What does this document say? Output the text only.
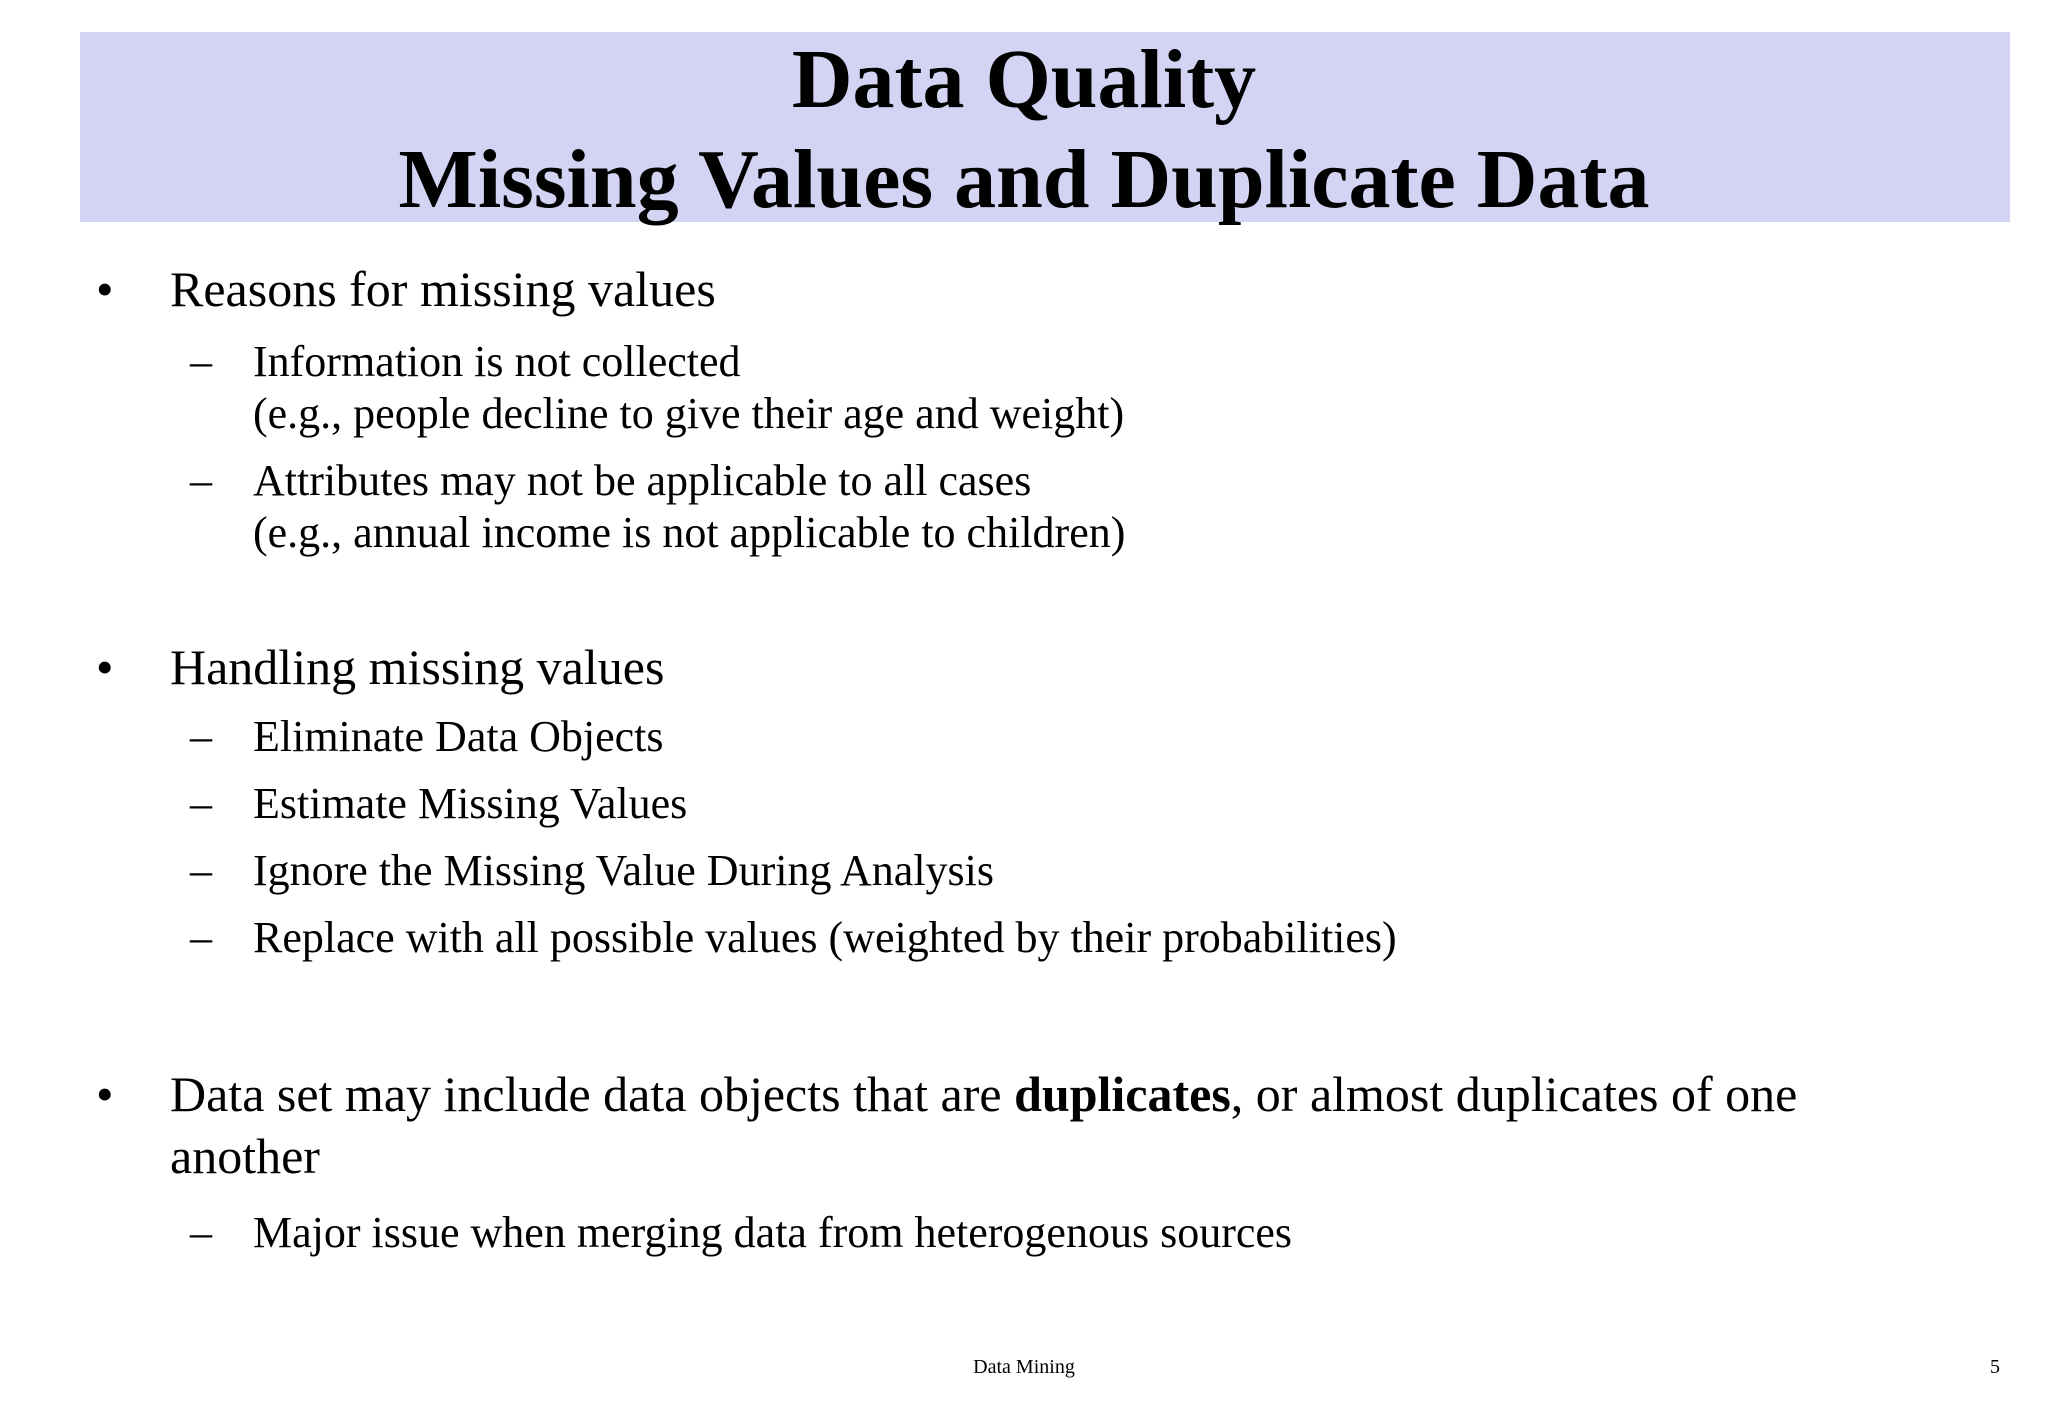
Data Quality
Missing Values and Duplicate Data
• Reasons for missing values
– Information is not collected
(e.g., people decline to give their age and weight)
– Attributes may not be applicable to all cases
(e.g., annual income is not applicable to children)
• Handling missing values
– Eliminate Data Objects
– Estimate Missing Values
– Ignore the Missing Value During Analysis
– Replace with all possible values (weighted by their probabilities)
• Data set may include data objects that are duplicates, or almost duplicates of one
another
– Major issue when merging data from heterogenous sources
Data Mining	5
